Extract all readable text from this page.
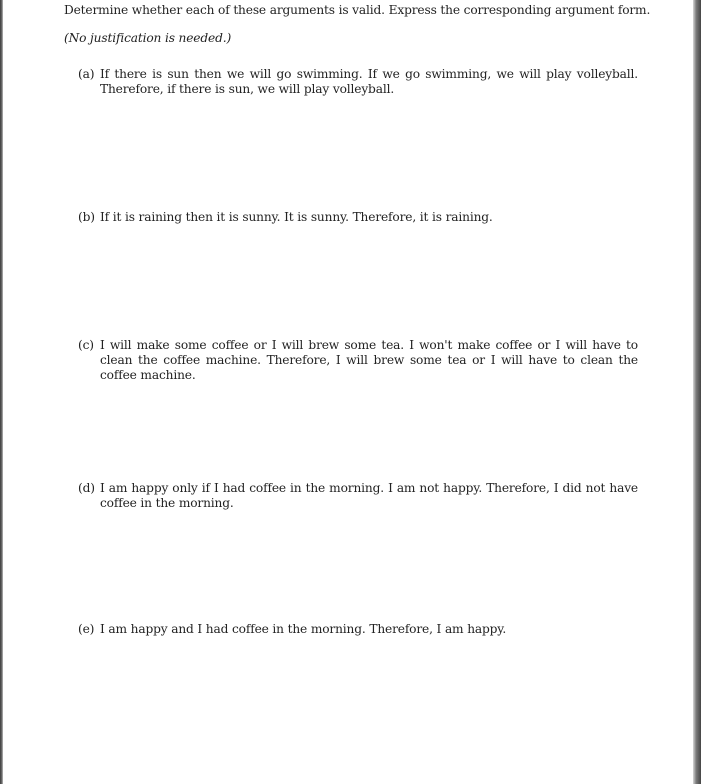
Determine whether each of these arguments is valid. Express the corresponding argument form.

(No justification is needed.)

(a) If there is sun then we will go swimming. If we go swimming, we will play volleyball. Therefore, if there is sun, we will play volleyball.
(b) If it is raining then it is sunny. It is sunny. Therefore, it is raining.
(c) I will make some coffee or I will brew some tea. I won't make coffee or I will have to clean the coffee machine. Therefore, I will brew some tea or I will have to clean the coffee machine.
(d) I am happy only if I had coffee in the morning. I am not happy. Therefore, I did not have coffee in the morning.
(e) I am happy and I had coffee in the morning. Therefore, I am happy.
